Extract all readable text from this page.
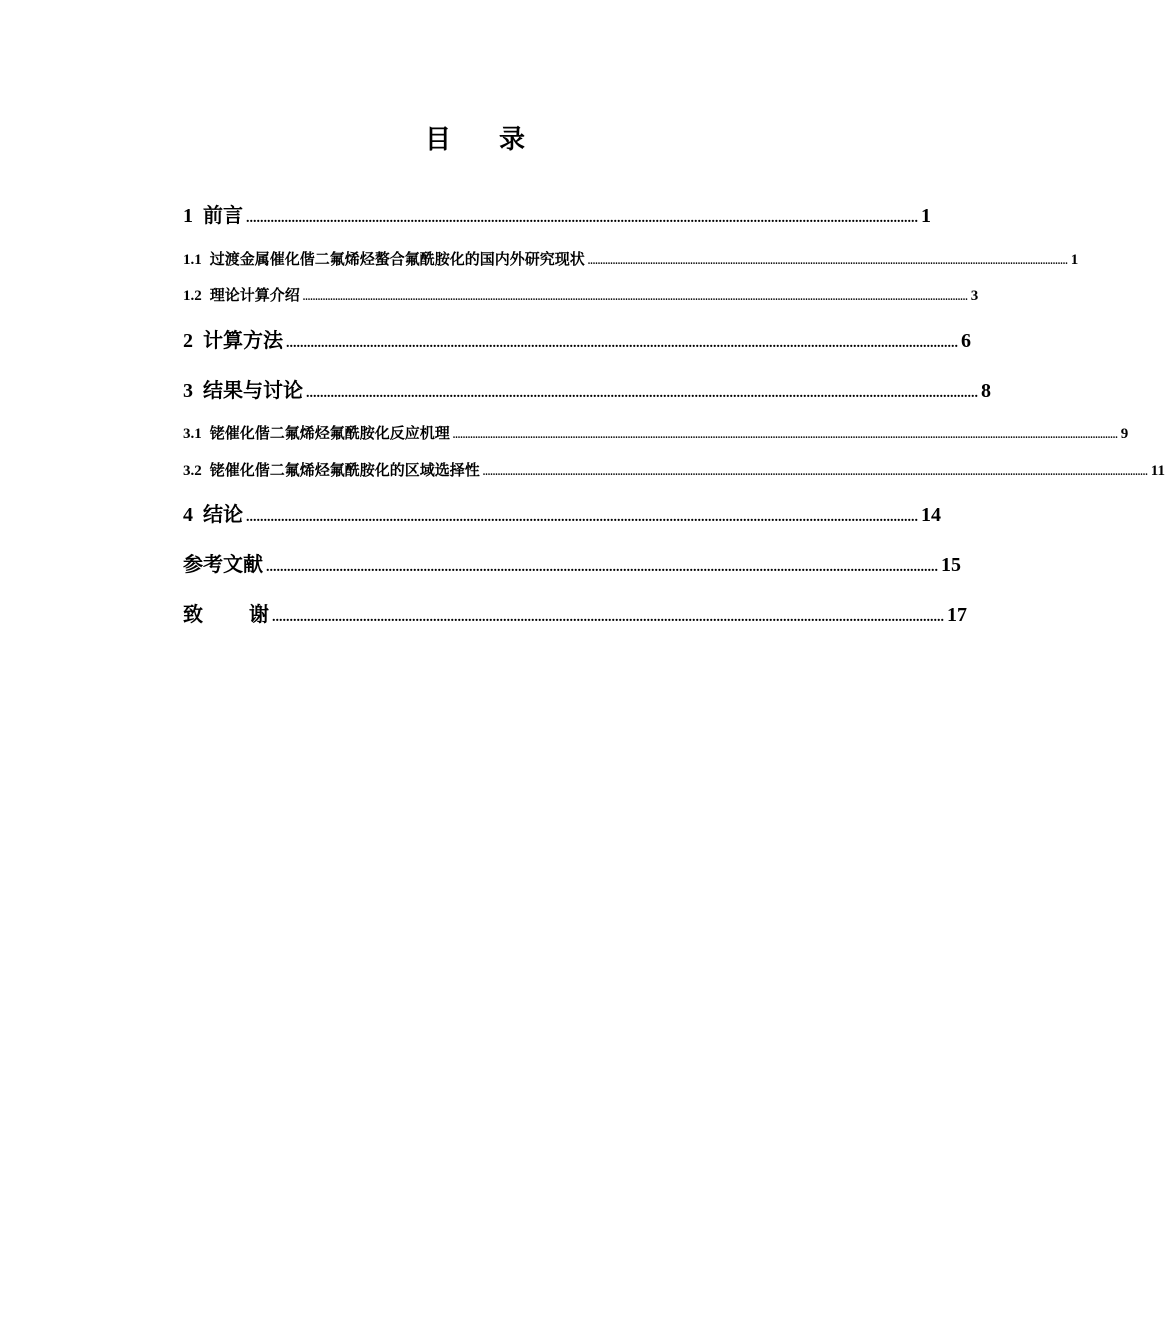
目 录
1 前言 ................................................................................................................................................................................................ 1
1.1 过渡金属催化偕二氟烯烃螯合氟酰胺化的国内外研究现状 ................................................................................................................................................................................................ 1
1.2 理论计算介绍 .......................................................................................................................................................................................................................................................................... 3
2 计算方法 ................................................................................................................................................................................................ 6
3 结果与讨论 ................................................................................................................................................................................................ 8
3.1 铑催化偕二氟烯烃氟酰胺化反应机理 .......................................................................................................................................................................................................................................................................... 9
3.2 铑催化偕二氟烯烃氟酰胺化的区域选择性 .......................................................................................................................................................................................................................................................................... 11
4 结论 ................................................................................................................................................................................................ 14
参考文献 ................................................................................................................................................................................................ 15
致 谢 ................................................................................................................................................................................................ 17
